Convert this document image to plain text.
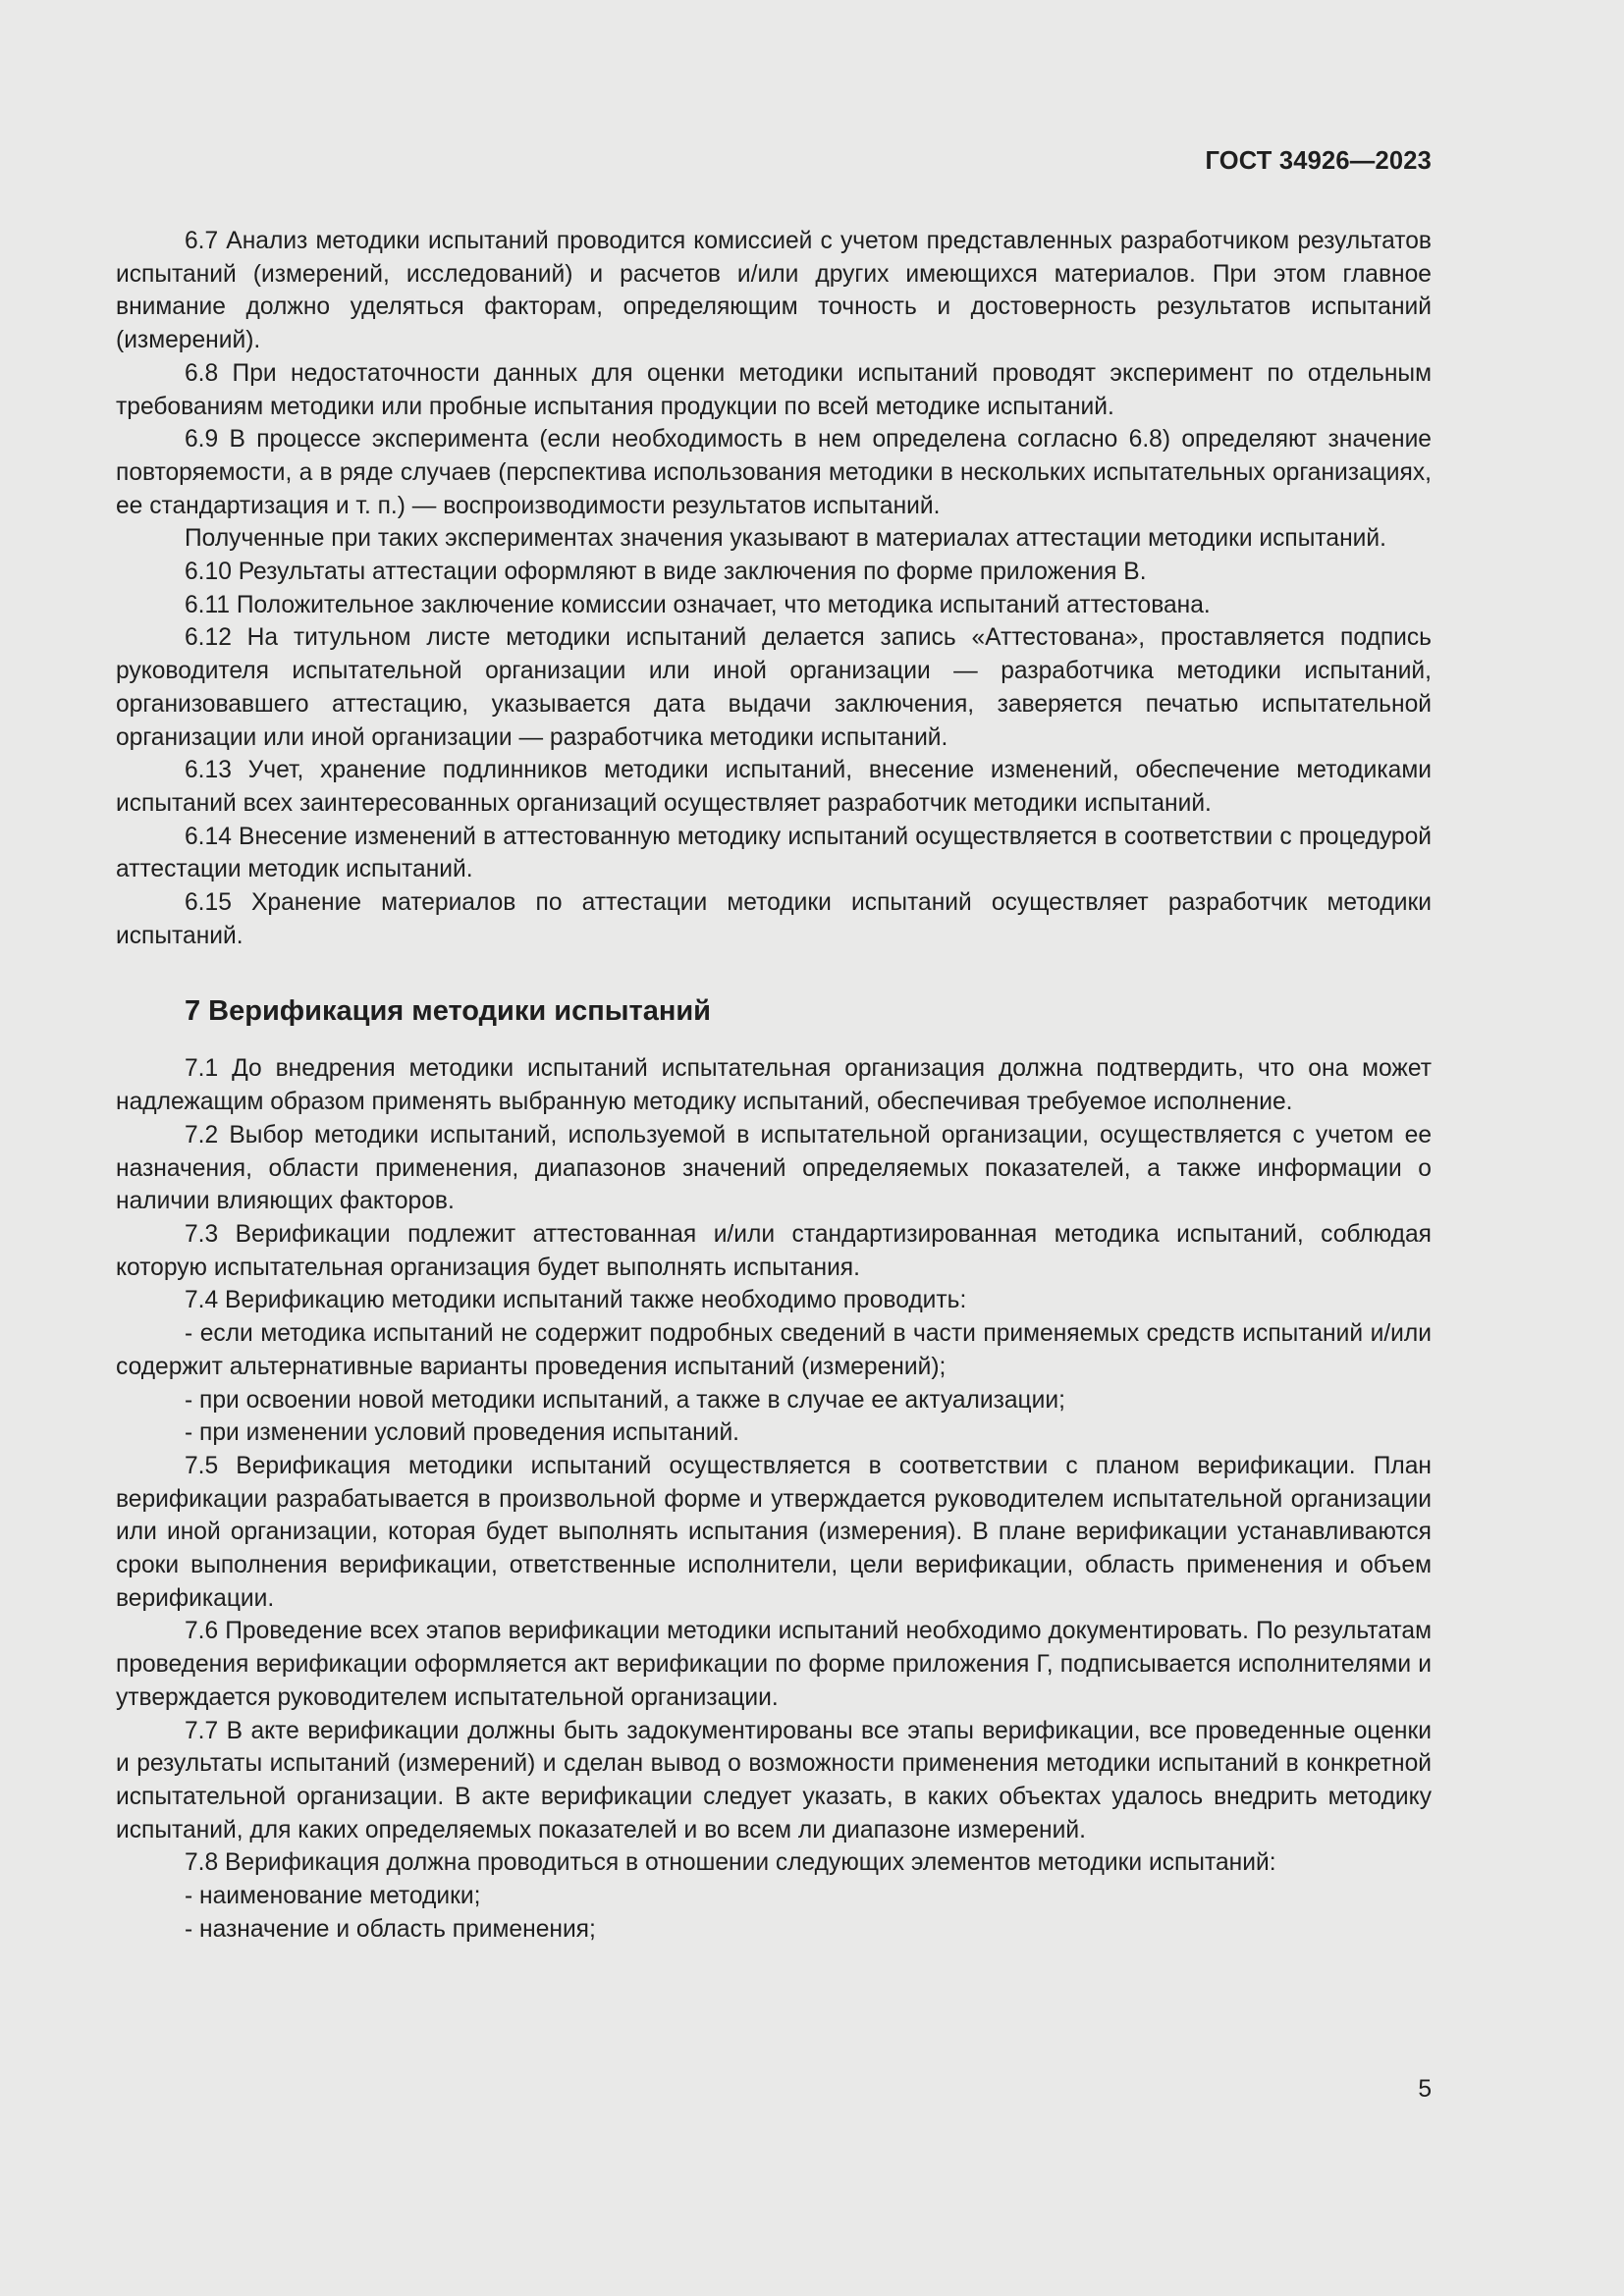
ГОСТ 34926—2023

6.7 Анализ методики испытаний проводится комиссией с учетом представленных разработчиком результатов испытаний (измерений, исследований) и расчетов и/или других имеющихся материалов. При этом главное внимание должно уделяться факторам, определяющим точность и достоверность результатов испытаний (измерений).

6.8 При недостаточности данных для оценки методики испытаний проводят эксперимент по отдельным требованиям методики или пробные испытания продукции по всей методике испытаний.

6.9 В процессе эксперимента (если необходимость в нем определена согласно 6.8) определяют значение повторяемости, а в ряде случаев (перспектива использования методики в нескольких испытательных организациях, ее стандартизация и т. п.) — воспроизводимости результатов испытаний.

Полученные при таких экспериментах значения указывают в материалах аттестации методики испытаний.

6.10 Результаты аттестации оформляют в виде заключения по форме приложения В.

6.11 Положительное заключение комиссии означает, что методика испытаний аттестована.

6.12 На титульном листе методики испытаний делается запись «Аттестована», проставляется подпись руководителя испытательной организации или иной организации — разработчика методики испытаний, организовавшего аттестацию, указывается дата выдачи заключения, заверяется печатью испытательной организации или иной организации — разработчика методики испытаний.

6.13 Учет, хранение подлинников методики испытаний, внесение изменений, обеспечение методиками испытаний всех заинтересованных организаций осуществляет разработчик методики испытаний.

6.14 Внесение изменений в аттестованную методику испытаний осуществляется в соответствии с процедурой аттестации методик испытаний.

6.15 Хранение материалов по аттестации методики испытаний осуществляет разработчик методики испытаний.

7 Верификация методики испытаний

7.1 До внедрения методики испытаний испытательная организация должна подтвердить, что она может надлежащим образом применять выбранную методику испытаний, обеспечивая требуемое исполнение.

7.2 Выбор методики испытаний, используемой в испытательной организации, осуществляется с учетом ее назначения, области применения, диапазонов значений определяемых показателей, а также информации о наличии влияющих факторов.

7.3 Верификации подлежит аттестованная и/или стандартизированная методика испытаний, соблюдая которую испытательная организация будет выполнять испытания.

7.4 Верификацию методики испытаний также необходимо проводить:

- если методика испытаний не содержит подробных сведений в части применяемых средств испытаний и/или содержит альтернативные варианты проведения испытаний (измерений);

- при освоении новой методики испытаний, а также в случае ее актуализации;

- при изменении условий проведения испытаний.

7.5 Верификация методики испытаний осуществляется в соответствии с планом верификации. План верификации разрабатывается в произвольной форме и утверждается руководителем испытательной организации или иной организации, которая будет выполнять испытания (измерения). В плане верификации устанавливаются сроки выполнения верификации, ответственные исполнители, цели верификации, область применения и объем верификации.

7.6 Проведение всех этапов верификации методики испытаний необходимо документировать. По результатам проведения верификации оформляется акт верификации по форме приложения Г, подписывается исполнителями и утверждается руководителем испытательной организации.

7.7 В акте верификации должны быть задокументированы все этапы верификации, все проведенные оценки и результаты испытаний (измерений) и сделан вывод о возможности применения методики испытаний в конкретной испытательной организации. В акте верификации следует указать, в каких объектах удалось внедрить методику испытаний, для каких определяемых показателей и во всем ли диапазоне измерений.

7.8 Верификация должна проводиться в отношении следующих элементов методики испытаний:

- наименование методики;

- назначение и область применения;

5
